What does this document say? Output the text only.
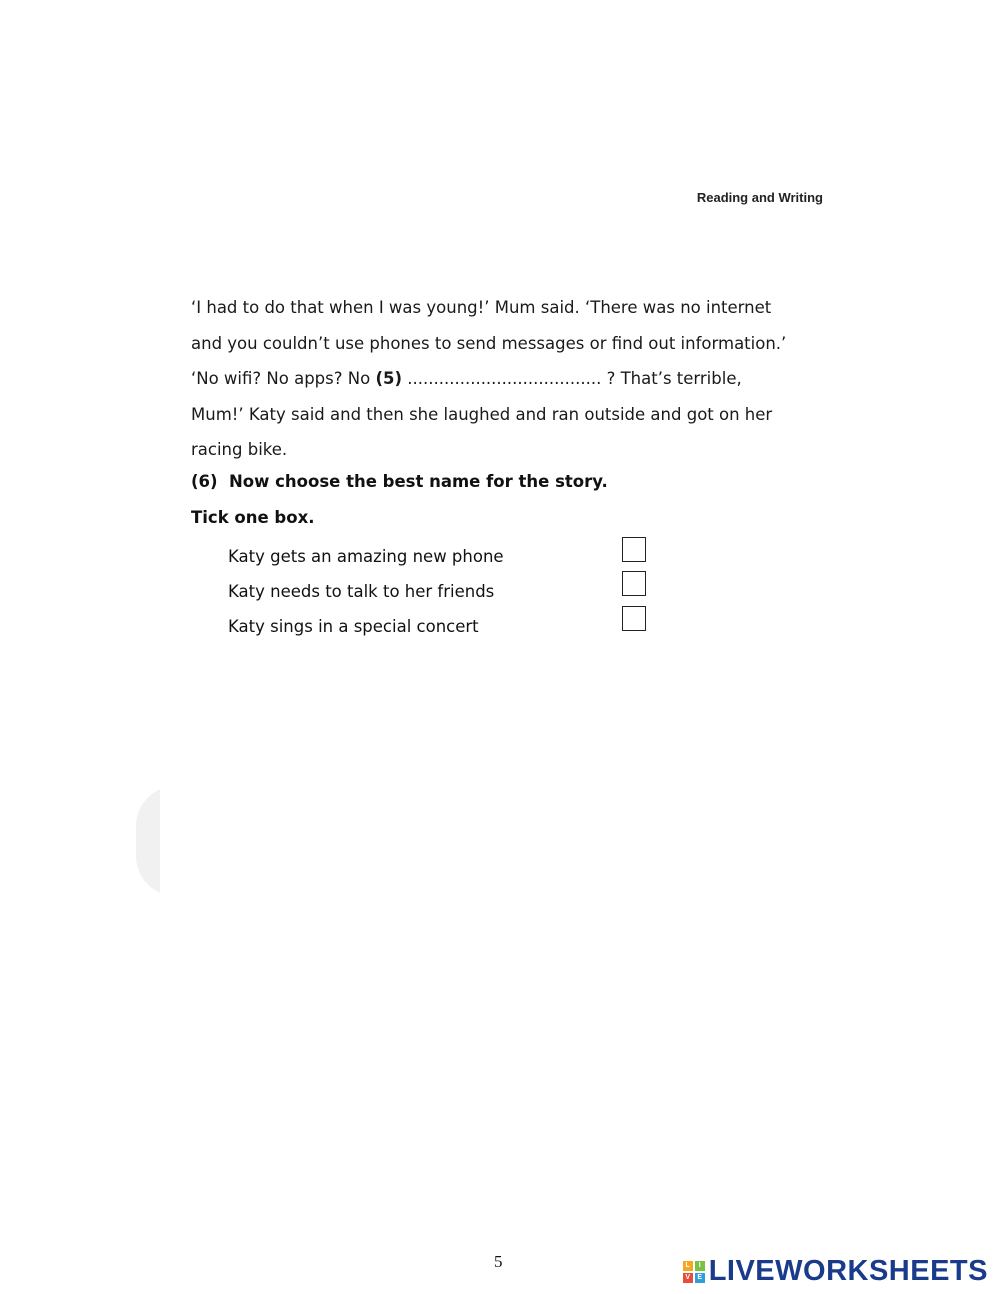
Reading and Writing
‘I had to do that when I was young!’ Mum said. ‘There was no internet
and you couldn’t use phones to send messages or find out information.’
‘No wifi? No apps? No (5) ..................................... ? That’s terrible,
Mum!’ Katy said and then she laughed and ran outside and got on her
racing bike.
(6) Now choose the best name for the story.
Tick one box.
Katy gets an amazing new phone
Katy needs to talk to her friends
Katy sings in a special concert
5	L	I
V	E LIVEWORKSHEETS
